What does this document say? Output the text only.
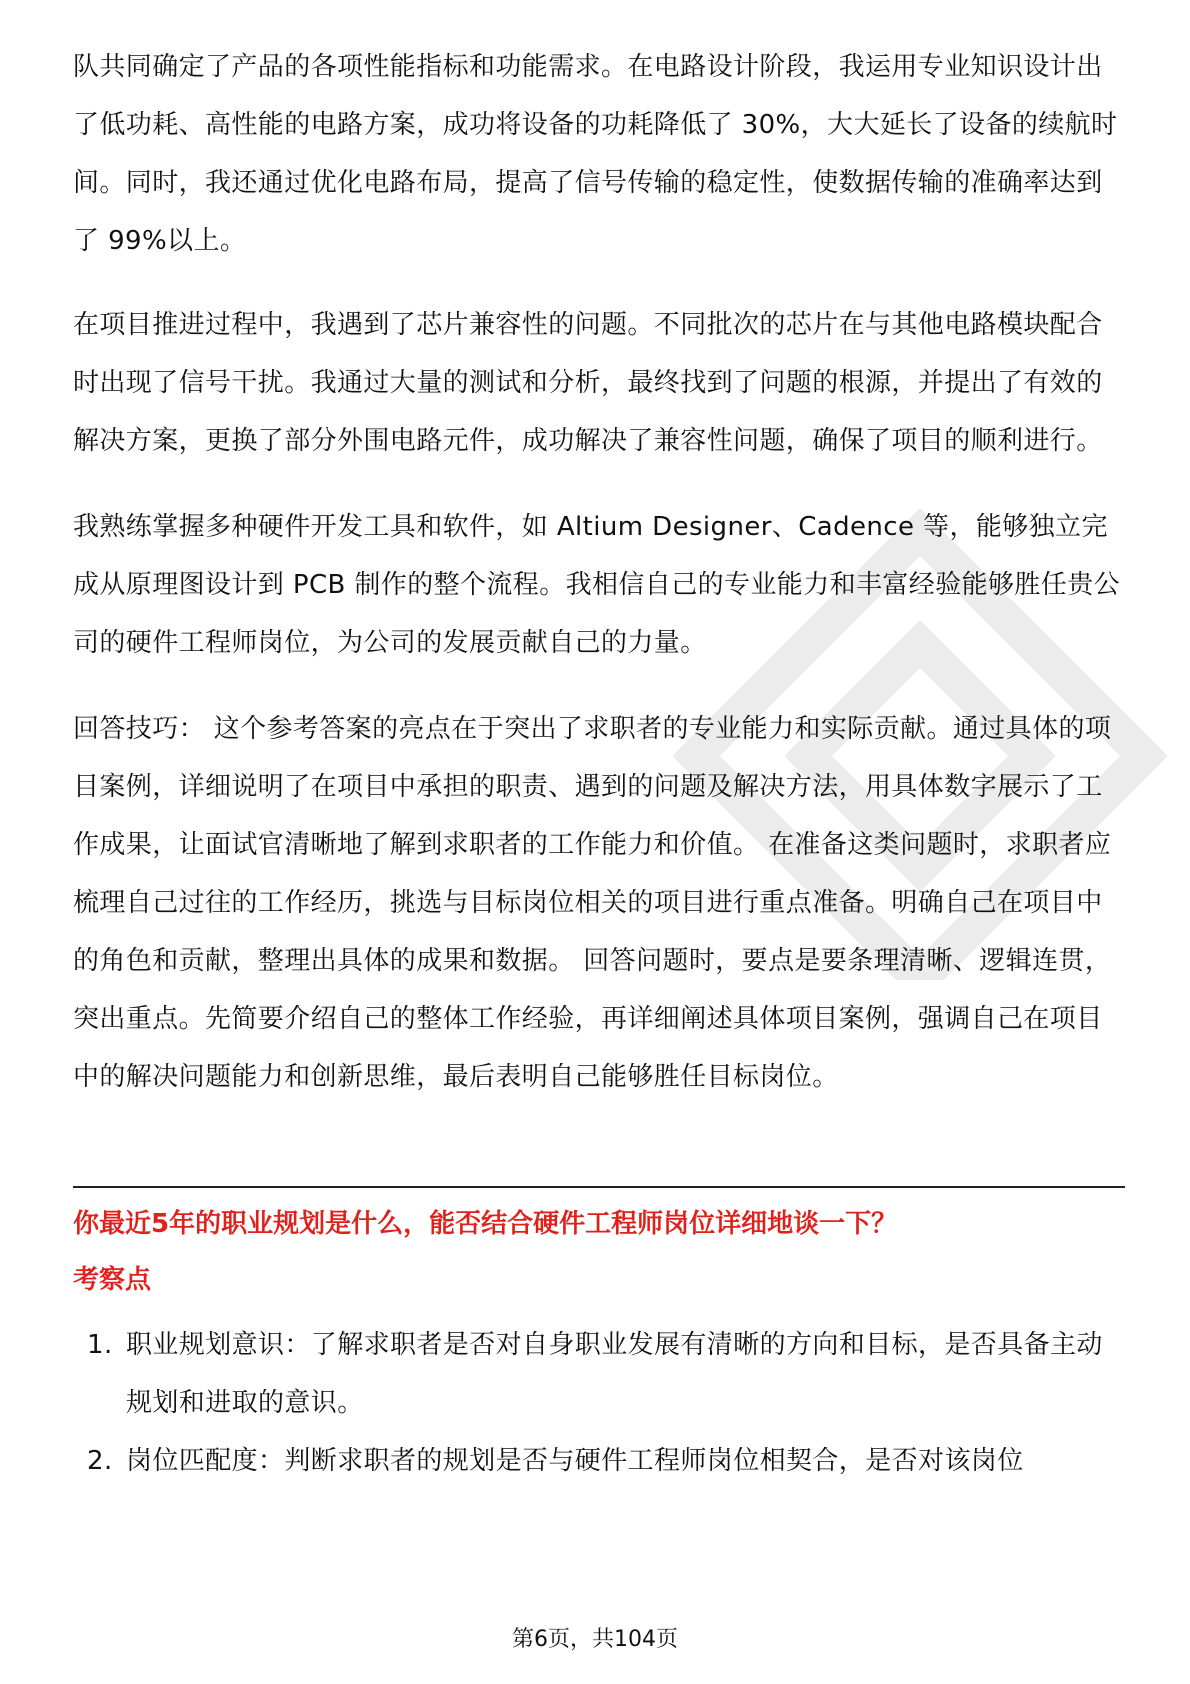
队共同确定了产品的各项性能指标和功能需求。在电路设计阶段，我运用专业知识设计出了低功耗、高性能的电路方案，成功将设备的功耗降低了 30%，大大延长了设备的续航时间。同时，我还通过优化电路布局，提高了信号传输的稳定性，使数据传输的准确率达到了 99%以上。

在项目推进过程中，我遇到了芯片兼容性的问题。不同批次的芯片在与其他电路模块配合时出现了信号干扰。我通过大量的测试和分析，最终找到了问题的根源，并提出了有效的解决方案，更换了部分外围电路元件，成功解决了兼容性问题，确保了项目的顺利进行。

我熟练掌握多种硬件开发工具和软件，如 Altium Designer、Cadence 等，能够独立完成从原理图设计到 PCB 制作的整个流程。我相信自己的专业能力和丰富经验能够胜任贵公司的硬件工程师岗位，为公司的发展贡献自己的力量。

回答技巧： 这个参考答案的亮点在于突出了求职者的专业能力和实际贡献。通过具体的项目案例，详细说明了在项目中承担的职责、遇到的问题及解决方法，用具体数字展示了工作成果，让面试官清晰地了解到求职者的工作能力和价值。 在准备这类问题时，求职者应梳理自己过往的工作经历，挑选与目标岗位相关的项目进行重点准备。明确自己在项目中的角色和贡献，整理出具体的成果和数据。 回答问题时，要点是要条理清晰、逻辑连贯，突出重点。先简要介绍自己的整体工作经验，再详细阐述具体项目案例，强调自己在项目中的解决问题能力和创新思维，最后表明自己能够胜任目标岗位。

你最近5年的职业规划是什么，能否结合硬件工程师岗位详细地谈一下？
考察点
1. 职业规划意识：了解求职者是否对自身职业发展有清晰的方向和目标，是否具备主动规划和进取的意识。
2. 岗位匹配度：判断求职者的规划是否与硬件工程师岗位相契合，是否对该岗位
第6页，共104页
